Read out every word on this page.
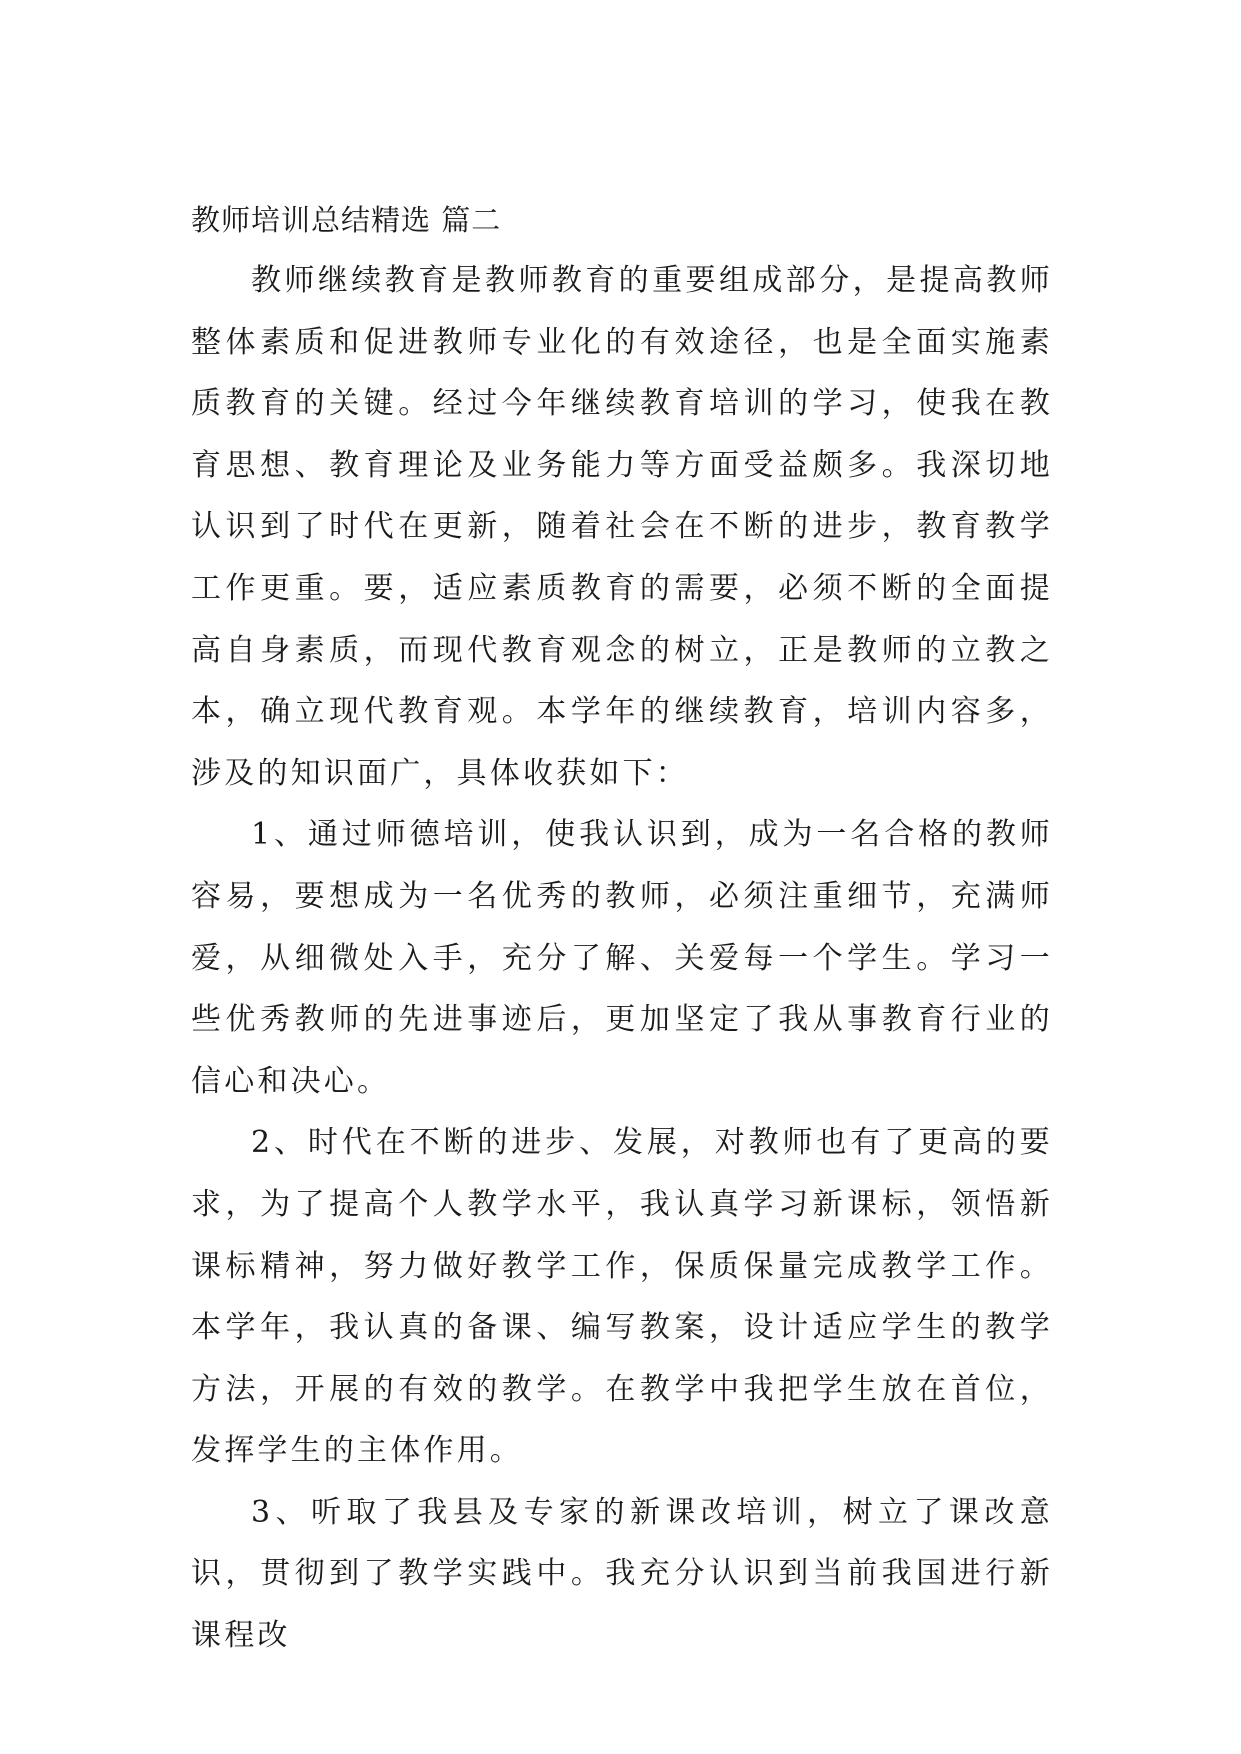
教师培训总结精选 篇二

教师继续教育是教师教育的重要组成部分，是提高教师整体素质和促进教师专业化的有效途径，也是全面实施素质教育的关键。经过今年继续教育培训的学习，使我在教育思想、教育理论及业务能力等方面受益颇多。我深切地认识到了时代在更新，随着社会在不断的进步，教育教学工作更重。要，适应素质教育的需要，必须不断的全面提高自身素质，而现代教育观念的树立，正是教师的立教之本，确立现代教育观。本学年的继续教育，培训内容多，涉及的知识面广，具体收获如下：

1、通过师德培训，使我认识到，成为一名合格的教师容易，要想成为一名优秀的教师，必须注重细节，充满师爱，从细微处入手，充分了解、关爱每一个学生。学习一些优秀教师的先进事迹后，更加坚定了我从事教育行业的信心和决心。

2、时代在不断的进步、发展，对教师也有了更高的要求，为了提高个人教学水平，我认真学习新课标，领悟新课标精神，努力做好教学工作，保质保量完成教学工作。本学年，我认真的备课、编写教案，设计适应学生的教学方法，开展的有效的教学。在教学中我把学生放在首位，发挥学生的主体作用。

3、听取了我县及专家的新课改培训，树立了课改意识，贯彻到了教学实践中。我充分认识到当前我国进行新课程改
